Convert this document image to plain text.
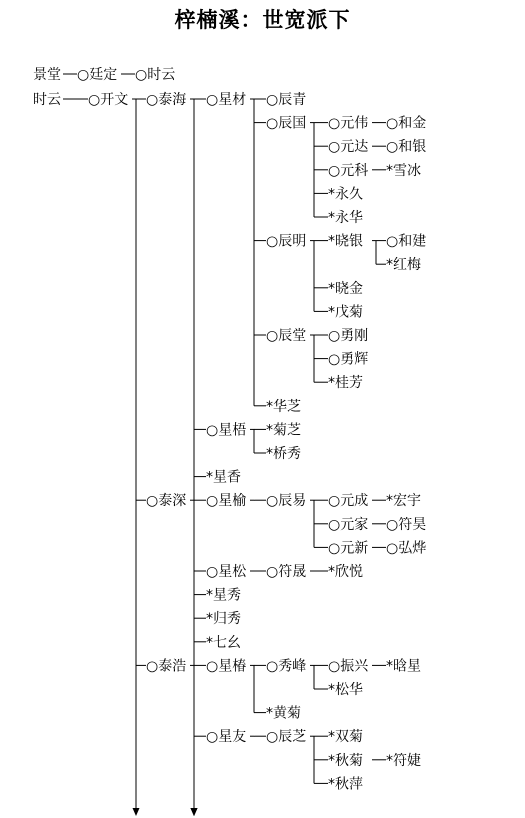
梓楠溪：世宽派下
景堂 ○廷定 ○时云
时云 ○开文 ○泰海 ○星材 ○辰青
○辰国 ○元伟 ○和金
○元达 ○和银
○元科 *雪冰
*永久
*永华
○辰明 *晓银 ○和建
*红梅
*晓金
*戊菊
○辰堂 ○勇刚
○勇辉
*桂芳
*华芝
○星梧 *菊芝
*桥秀
*星香
○泰深 ○星榆 ○辰易 ○元成 *宏宇
○元家 ○符昊
○元新 ○弘烨
○星松 ○符晟 *欣悦
*星秀
*归秀
*七幺
○泰浩 ○星椿 ○秀峰 ○振兴 *晗星
*松华
*黄菊
○星友 ○辰芝 *双菊
*秋菊 *符婕
*秋萍
